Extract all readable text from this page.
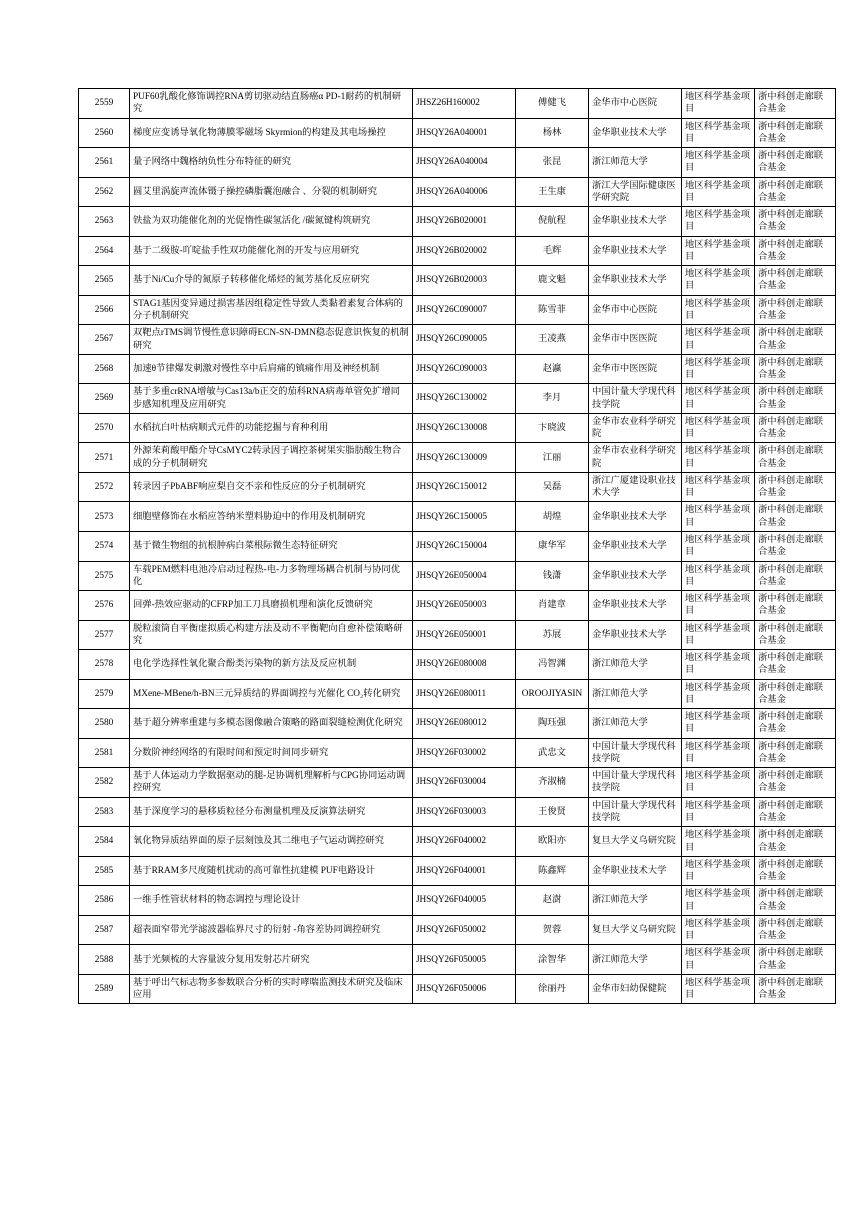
2559	PUF60乳酸化修饰调控RNA剪切驱动结直肠癌α PD-1耐药的机制研究	JHSZ26H160002	傅健飞	金华市中心医院	地区科学基金项目	浙中科创走廊联合基金
2560	梯度应变诱导氧化物薄膜零磁场 Skyrmion的构建及其电场操控	JHSQY26A040001	杨林	金华职业技术大学	地区科学基金项目	浙中科创走廊联合基金
2561	量子网络中魏格纳负性分布特征的研究	JHSQY26A040004	张昆	浙江师范大学	地区科学基金项目	浙中科创走廊联合基金
2562	圆艾里涡旋声流体镊子操控磷脂囊泡融合 、分裂的机制研究	JHSQY26A040006	王生康	浙江大学国际健康医学研究院	地区科学基金项目	浙中科创走廊联合基金
2563	铁盐为双功能催化剂的光促惰性碳氢活化 /碳氮键构筑研究	JHSQY26B020001	倪航程	金华职业技术大学	地区科学基金项目	浙中科创走廊联合基金
2564	基于二级胺-吖啶盐手性双功能催化剂的开发与应用研究	JHSQY26B020002	毛辉	金华职业技术大学	地区科学基金项目	浙中科创走廊联合基金
2565	基于Ni/Cu介导的氮原子转移催化烯烃的氮芳基化反应研究	JHSQY26B020003	鹿文魁	金华职业技术大学	地区科学基金项目	浙中科创走廊联合基金
2566	STAG1基因变异通过损害基因组稳定性导致人类黏着素复合体病的分子机制研究	JHSQY26C090007	陈雪菲	金华市中心医院	地区科学基金项目	浙中科创走廊联合基金
2567	双靶点rTMS调节慢性意识障碍ECN-SN-DMN稳态促意识恢复的机制研究	JHSQY26C090005	王凌燕	金华市中医医院	地区科学基金项目	浙中科创走廊联合基金
2568	加速θ节律爆发刺激对慢性卒中后肩痛的镇痛作用及神经机制	JHSQY26C090003	赵瀛	金华市中医医院	地区科学基金项目	浙中科创走廊联合基金
2569	基于多重crRNA增敏与Cas13a/b正交的茄科RNA病毒单管免扩增同步感知机理及应用研究	JHSQY26C130002	李月	中国计量大学现代科技学院	地区科学基金项目	浙中科创走廊联合基金
2570	水稻抗白叶枯病顺式元件的功能挖掘与育种利用	JHSQY26C130008	卞晓波	金华市农业科学研究院	地区科学基金项目	浙中科创走廊联合基金
2571	外源茉莉酸甲酯介导CsMYC2转录因子调控茶树果实脂肪酸生物合成的分子机制研究	JHSQY26C130009	江丽	金华市农业科学研究院	地区科学基金项目	浙中科创走廊联合基金
2572	转录因子PbABF响应梨自交不亲和性反应的分子机制研究	JHSQY26C150012	吴磊	浙江广厦建设职业技术大学	地区科学基金项目	浙中科创走廊联合基金
2573	细胞壁修饰在水稻应答纳米塑料胁迫中的作用及机制研究	JHSQY26C150005	胡煌	金华职业技术大学	地区科学基金项目	浙中科创走廊联合基金
2574	基于微生物组的抗根肿病白菜根际微生态特征研究	JHSQY26C150004	康华军	金华职业技术大学	地区科学基金项目	浙中科创走廊联合基金
2575	车载PEM燃料电池冷启动过程热-电-力多物理场耦合机制与协同优化	JHSQY26E050004	钱潇	金华职业技术大学	地区科学基金项目	浙中科创走廊联合基金
2576	回弹-热效应驱动的CFRP加工刀具磨损机理和演化反馈研究	JHSQY26E050003	肖建章	金华职业技术大学	地区科学基金项目	浙中科创走廊联合基金
2577	脱粒滚筒自平衡虚拟质心构建方法及动不平衡靶向自愈补偿策略研究	JHSQY26E050001	苏展	金华职业技术大学	地区科学基金项目	浙中科创走廊联合基金
2578	电化学选择性氧化聚合酚类污染物的新方法及反应机制	JHSQY26E080008	冯智渊	浙江师范大学	地区科学基金项目	浙中科创走廊联合基金
2579	MXene-MBene/h-BN三元异质结的界面调控与光催化 CO₂转化研究	JHSQY26E080011	OROOJIYASIN	浙江师范大学	地区科学基金项目	浙中科创走廊联合基金
2580	基于超分辨率重建与多模态图像融合策略的路面裂缝检测优化研究	JHSQY26E080012	陶珏强	浙江师范大学	地区科学基金项目	浙中科创走廊联合基金
2581	分数阶神经网络的有限时间和预定时间同步研究	JHSQY26F030002	武忠文	中国计量大学现代科技学院	地区科学基金项目	浙中科创走廊联合基金
2582	基于人体运动力学数据驱动的腿-足协调机理解析与CPG协同运动调控研究	JHSQY26F030004	齐淑楠	中国计量大学现代科技学院	地区科学基金项目	浙中科创走廊联合基金
2583	基于深度学习的悬移质粒径分布测量机理及反演算法研究	JHSQY26F030003	王俊贤	中国计量大学现代科技学院	地区科学基金项目	浙中科创走廊联合基金
2584	氧化物异质结界面的原子层刻蚀及其二维电子气运动调控研究	JHSQY26F040002	欧阳亦	复旦大学义乌研究院	地区科学基金项目	浙中科创走廊联合基金
2585	基于RRAM多尺度随机扰动的高可靠性抗建模 PUF电路设计	JHSQY26F040001	陈鑫辉	金华职业技术大学	地区科学基金项目	浙中科创走廊联合基金
2586	一维手性管状材料的物态调控与理论设计	JHSQY26F040005	赵澍	浙江师范大学	地区科学基金项目	浙中科创走廊联合基金
2587	超表面窄带光学滤波器临界尺寸的衍射 -角容差协同调控研究	JHSQY26F050002	贺蓉	复旦大学义乌研究院	地区科学基金项目	浙中科创走廊联合基金
2588	基于光频梳的大容量波分复用发射芯片研究	JHSQY26F050005	涂智华	浙江师范大学	地区科学基金项目	浙中科创走廊联合基金
2589	基于呼出气标志物多参数联合分析的实时哮喘监测技术研究及临床应用	JHSQY26F050006	徐丽丹	金华市妇幼保健院	地区科学基金项目	浙中科创走廊联合基金
